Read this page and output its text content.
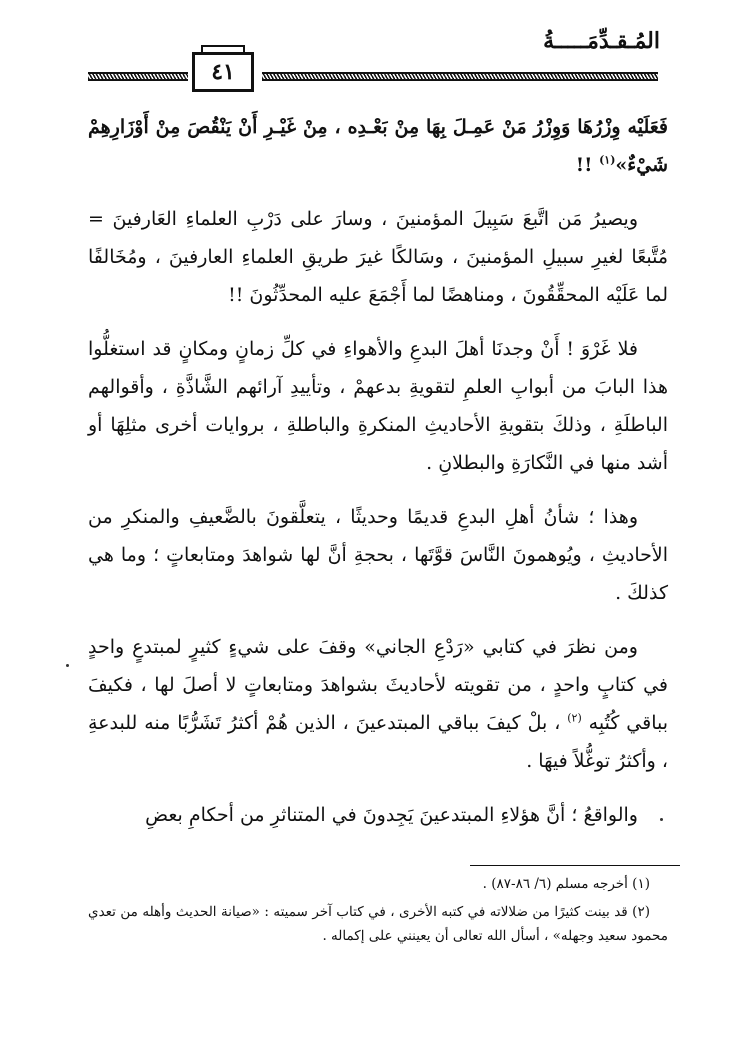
المُـقـدِّمَـــــةُ
٤١

فَعَلَيْه وِزْرُهَا وَوِزْرُ مَنْ عَمِـلَ بِهَا مِنْ بَعْـدِه ، مِنْ غَيْـرِ أَنْ يَنْقُصَ مِنْ أَوْزَارِهِمْ شَيْءٌ»$^{(١)}$ !!

ويصيرُ مَن اتَّبعَ سَبِيلَ المؤمنينَ ، وسارَ على دَرْبِ العلماءِ العَارفينَ = مُتَّبعًا لغيرِ سبيلِ المؤمنينَ ، وسَالكًا غيرَ طريقِ العلماءِ العارفينَ ، ومُخَالفًا لما عَلَيْه المحقِّقُونَ ، ومناهضًا لما أَجْمَعَ عليه المحدِّثُونَ !!

فلا غَرْوَ ! أَنْ وجدنَا أهلَ البدعِ والأهواءِ في كلِّ زمانٍ ومكانٍ قد استغلُّوا هذا البابَ من أبوابِ العلمِ لتقويةِ بدعهمْ ، وتأييدِ آرائهم الشَّاذَّةِ ، وأقوالهم الباطلَةِ ، وذلكَ بتقويةِ الأحاديثِ المنكرةِ والباطلةِ ، بروايات أخرى مثلِهَا أو أشد منها في النَّكارَةِ والبطلانِ .

وهذا ؛ شأنُ أهلِ البدعِ قديمًا وحديثًا ، يتعلَّقونَ بالضَّعيفِ والمنكرِ من الأحاديثِ ، ويُوهمونَ النَّاسَ قوَّتَها ، بحجةِ أنَّ لها شواهدَ ومتابعاتٍ ؛ وما هي كذلكَ .

ومن نظرَ في كتابي «رَدْعِ الجاني» وقفَ على شيءٍ كثيرٍ لمبتدعٍ واحدٍ في كتابٍ واحدٍ ، من تقويته لأحاديثَ بشواهدَ ومتابعاتٍ لا أصلَ لها ، فكيفَ بباقي كُتُبِه $^{(٢)}$ ، بلْ كيفَ بباقي المبتدعينَ ، الذين هُمْ أكثرُ تَشَرُّبًا منه للبدعةِ ، وأكثرُ توغُّلاً فيهَا .

والواقعُ ؛ أنَّ هؤلاءِ المبتدعينَ يَجِدونَ في المتناثرِ من أحكامِ بعضِ

(١) أخرجه مسلم (٦/ ٨٦-٨٧) .

(٢) قد بينت كثيرًا من ضلالاته في كتبه الأخرى ، في كتاب آخر سميته : «صيانة الحديث وأهله من تعدي محمود سعيد وجهله» ، أسأل الله تعالى أن يعينني على إكماله .
